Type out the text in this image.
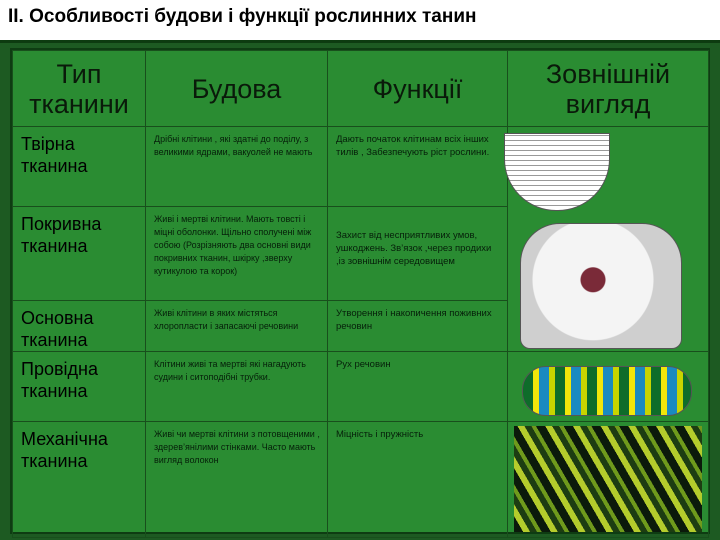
ІІ. Особливості будови і функції рослинних танин
Тип тканини	Будова	Функції	Зовнішній вигляд

Твірна тканина	Дрібні клітини , які здатні до поділу, з великими ядрами, вакуолей не мають	Дають початок клітинам всіх інших тилів , Забезпечують ріст рослини.	

Покривна тканина	Живі і мертві клітини. Мають товсті і міцні оболонки. Щільно сполучені між собою (Розрізняють два основні види покривних тканин, шкірку ,зверху кутикулою та корок)	Захист від несприятливих умов, ушкоджень. Зв’язок ,через продихи ,із зовнішнім середовищем	

Основна тканина	Живі клітини в яких містяться хлоропласти і запасаючі речовини	Утворення і накопичення поживних речовин	

Провідна тканина	Клітини живі та мертві які нагадують судини і ситоподібні трубки.	Рух речовин	

Механічна тканина	Живі чи мертві клітини з потовщеними , здерев’янілими стінками. Часто мають вигляд волокон	Міцність і пружність	
